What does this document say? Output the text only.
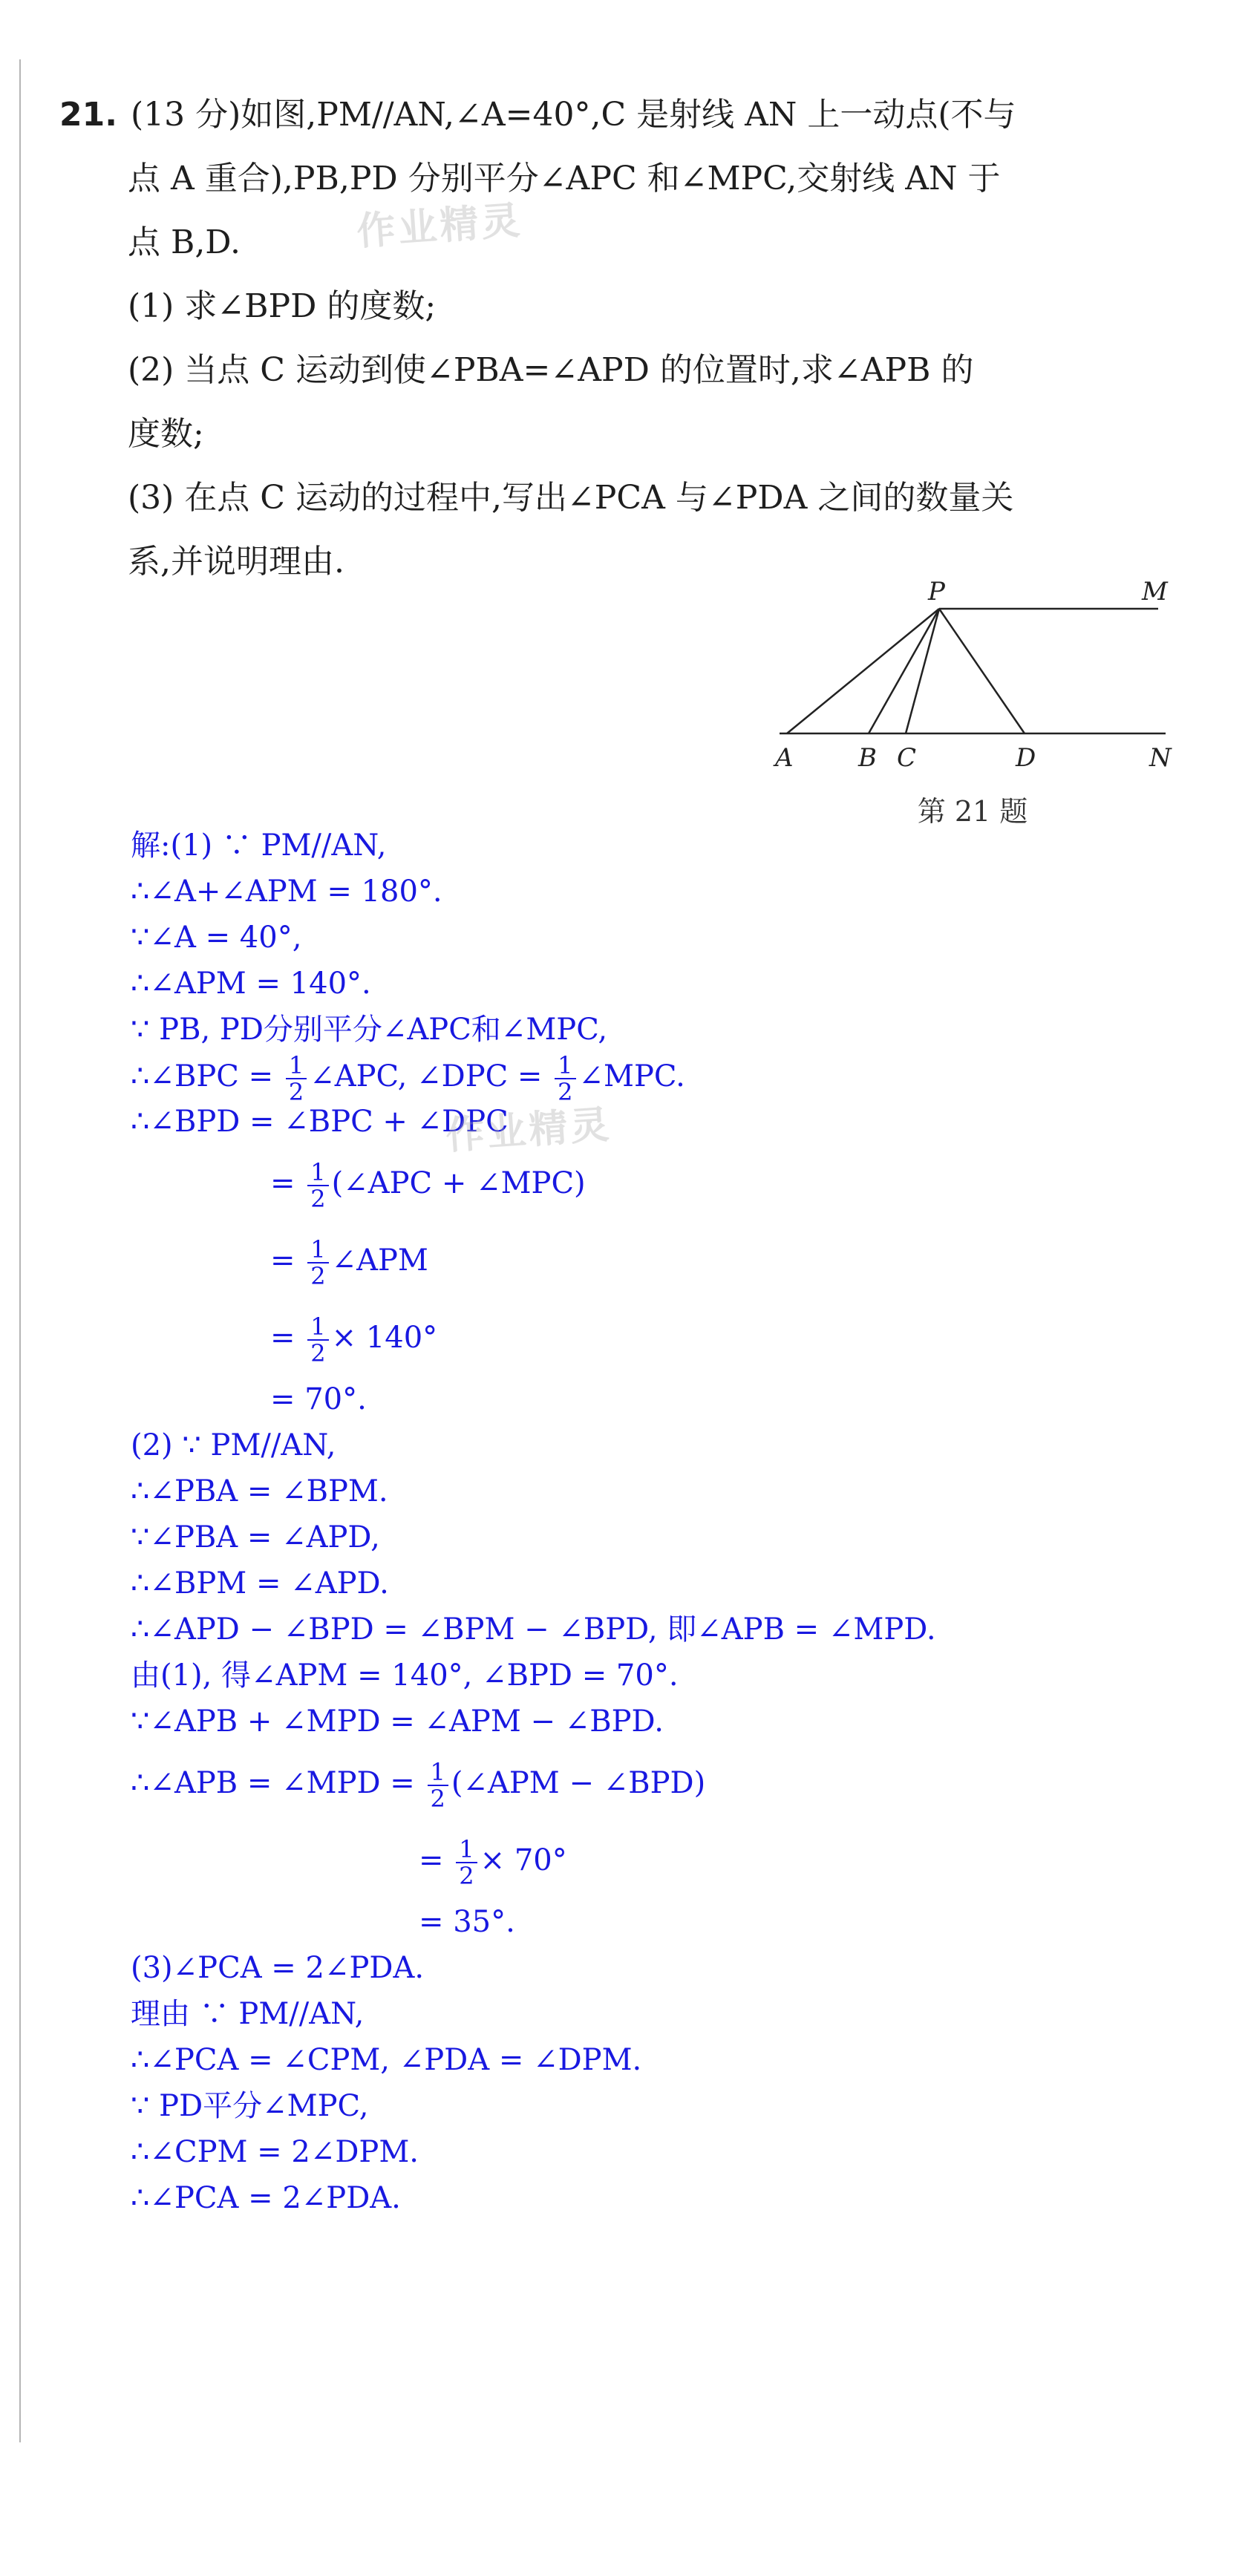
21. (13 分)如图,PM//AN,∠A=40°,C 是射线 AN 上一动点(不与

点 A 重合),PB,PD 分别平分∠APC 和∠MPC,交射线 AN 于

点 B,D.

(1) 求∠BPD 的度数;

(2) 当点 C 运动到使∠PBA=∠APD 的位置时,求∠APB 的

度数;

(3) 在点 C 运动的过程中,写出∠PCA 与∠PDA 之间的数量关

系,并说明理由.

作业精灵
P	M
A	B C	D	N
第 21 题
解:(1) ∵ PM//AN,
∴∠A+∠APM = 180°.
∵∠A = 40°,
∴∠APM = 140°.
∵ PB, PD分别平分∠APC和∠MPC,
∴∠BPC = $\frac{1}{2}$ ∠APC, ∠DPC = $\frac{1}{2}$ ∠MPC.
∴∠BPD = ∠BPC + ∠DPC
= $\frac{1}{2}$ (∠APC + ∠MPC)
= $\frac{1}{2}$ ∠APM
= $\frac{1}{2} \times 140^\circ$
= 70°.
(2) ∵ PM//AN,
∴∠PBA = ∠BPM.
∵∠PBA = ∠APD,
∴∠BPM = ∠APD.
∴∠APD − ∠BPD = ∠BPM − ∠BPD, 即∠APB = ∠MPD.
由(1), 得∠APM = 140°, ∠BPD = 70°.
∵∠APB + ∠MPD = ∠APM − ∠BPD.
∴∠APB = ∠MPD = $\frac{1}{2}$ (∠APM − ∠BPD)
= $\frac{1}{2} \times 70^\circ$
= 35°.
(3)∠PCA = 2∠PDA.
理由 ∵ PM//AN,
∴∠PCA = ∠CPM, ∠PDA = ∠DPM.
∵ PD平分∠MPC,
∴∠CPM = 2∠DPM.
∴∠PCA = 2∠PDA.
作业精灵
